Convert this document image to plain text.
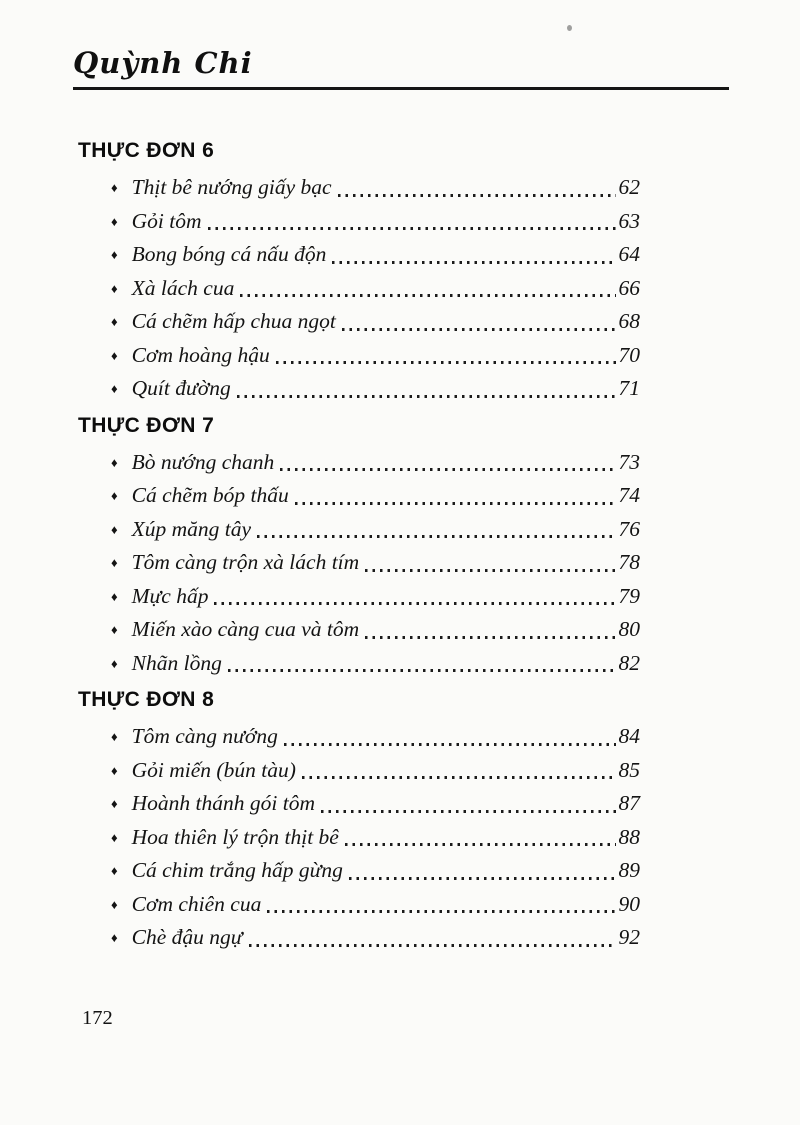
Quỳnh Chi
THỰC ĐƠN 6
♦ Thịt bê nướng giấy bạc	62
♦ Gỏi tôm	63
♦ Bong bóng cá nấu độn	64
♦ Xà lách cua	66
♦ Cá chẽm hấp chua ngọt	68
♦ Cơm hoàng hậu	70
♦ Quít đường	71
THỰC ĐƠN 7
♦ Bò nướng chanh	73
♦ Cá chẽm bóp thấu	74
♦ Xúp măng tây	76
♦ Tôm càng trộn xà lách tím	78
♦ Mực hấp	79
♦ Miến xào càng cua và tôm	80
♦ Nhãn lồng	82
THỰC ĐƠN 8
♦ Tôm càng nướng	84
♦ Gỏi miến (bún tàu)	85
♦ Hoành thánh gói tôm	87
♦ Hoa thiên lý trộn thịt bê	88
♦ Cá chim trắng hấp gừng	89
♦ Cơm chiên cua	90
♦ Chè đậu ngự	92
172
